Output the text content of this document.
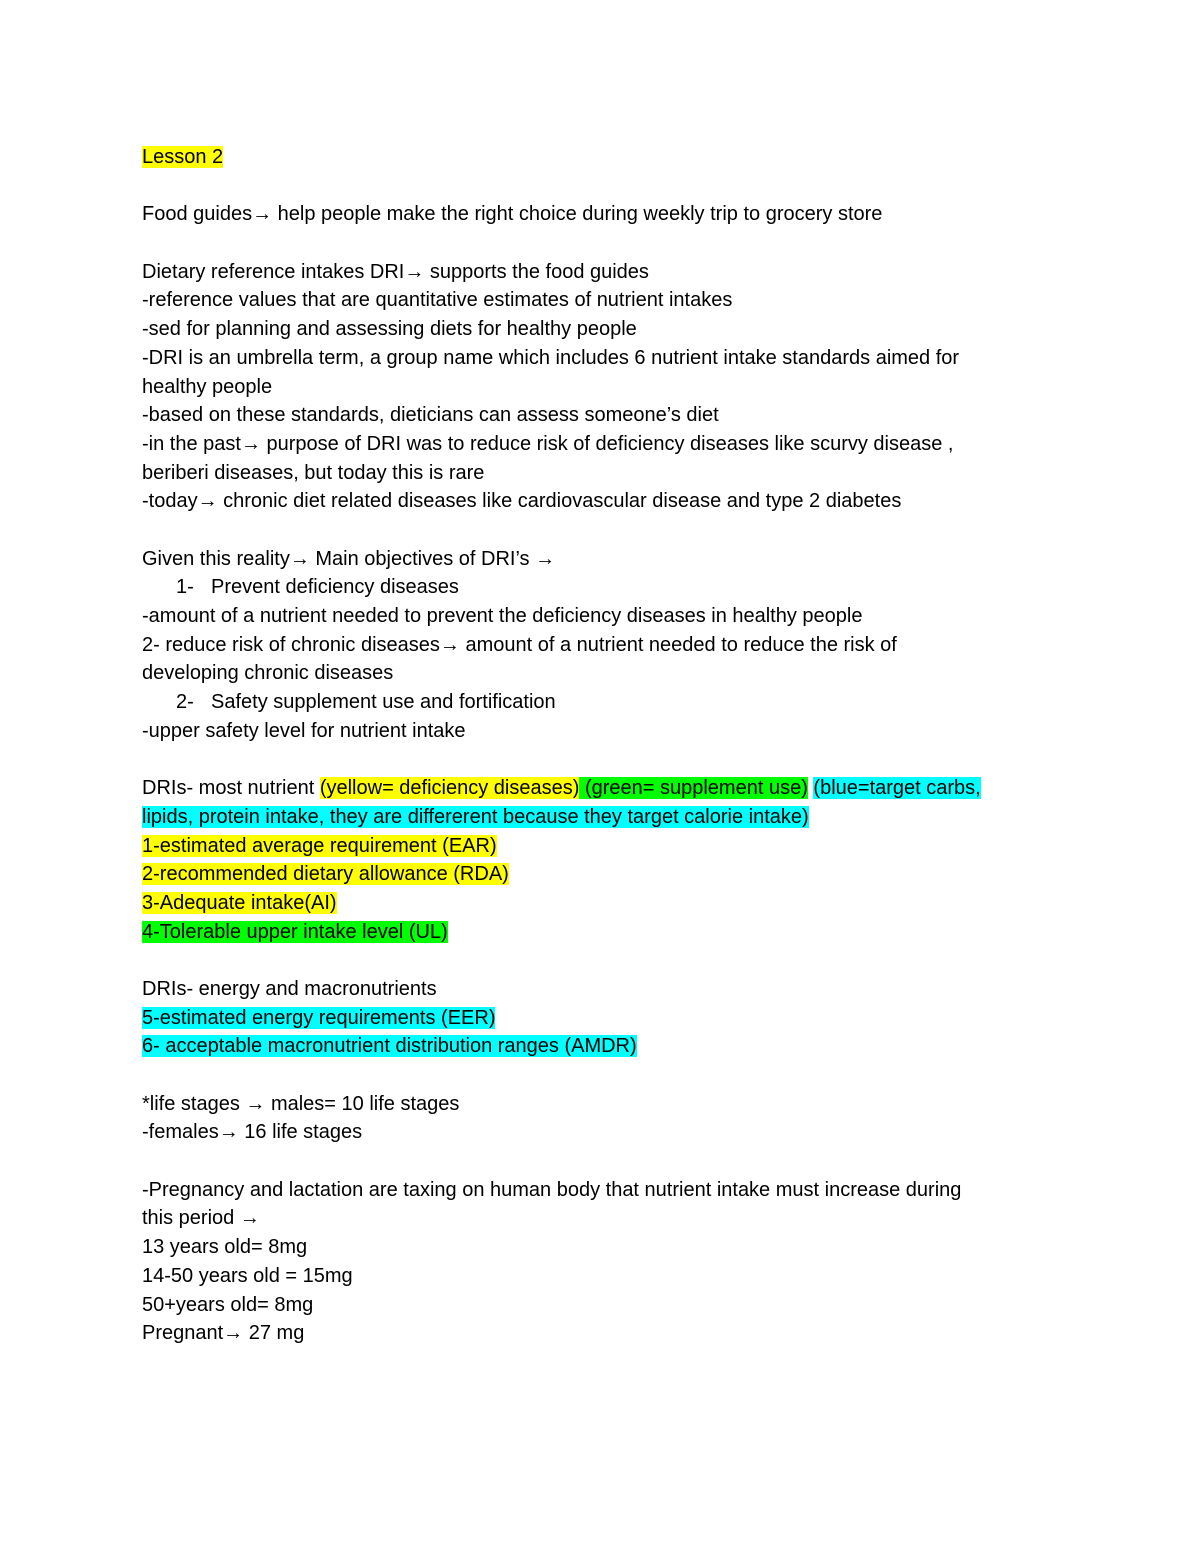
Lesson 2
Food guides→ help people make the right choice during weekly trip to grocery store
Dietary reference intakes DRI→ supports the food guides
-reference values that are quantitative estimates of nutrient intakes
-sed for planning and assessing diets for healthy people
-DRI is an umbrella term, a group name which includes 6 nutrient intake standards aimed for
healthy people
-based on these standards, dieticians can assess someone’s diet
-in the past→ purpose of DRI was to reduce risk of deficiency diseases like scurvy disease ,
beriberi diseases, but today this is rare
-today→ chronic diet related diseases like cardiovascular disease and type 2 diabetes
Given this reality→ Main objectives of DRI’s →
1- Prevent deficiency diseases
-amount of a nutrient needed to prevent the deficiency diseases in healthy people
2- reduce risk of chronic diseases→ amount of a nutrient needed to reduce the risk of
developing chronic diseases
2- Safety supplement use and fortification
-upper safety level for nutrient intake
DRIs- most nutrient (yellow= deficiency diseases) (green= supplement use) (blue=target carbs,
lipids, protein intake, they are differerent because they target calorie intake)
1-estimated average requirement (EAR)
2-recommended dietary allowance (RDA)
3-Adequate intake(AI)
4-Tolerable upper intake level (UL)
DRIs- energy and macronutrients
5-estimated energy requirements (EER)
6- acceptable macronutrient distribution ranges (AMDR)
*life stages → males= 10 life stages
-females→ 16 life stages
-Pregnancy and lactation are taxing on human body that nutrient intake must increase during
this period →
13 years old= 8mg
14-50 years old = 15mg
50+years old= 8mg
Pregnant→ 27 mg
